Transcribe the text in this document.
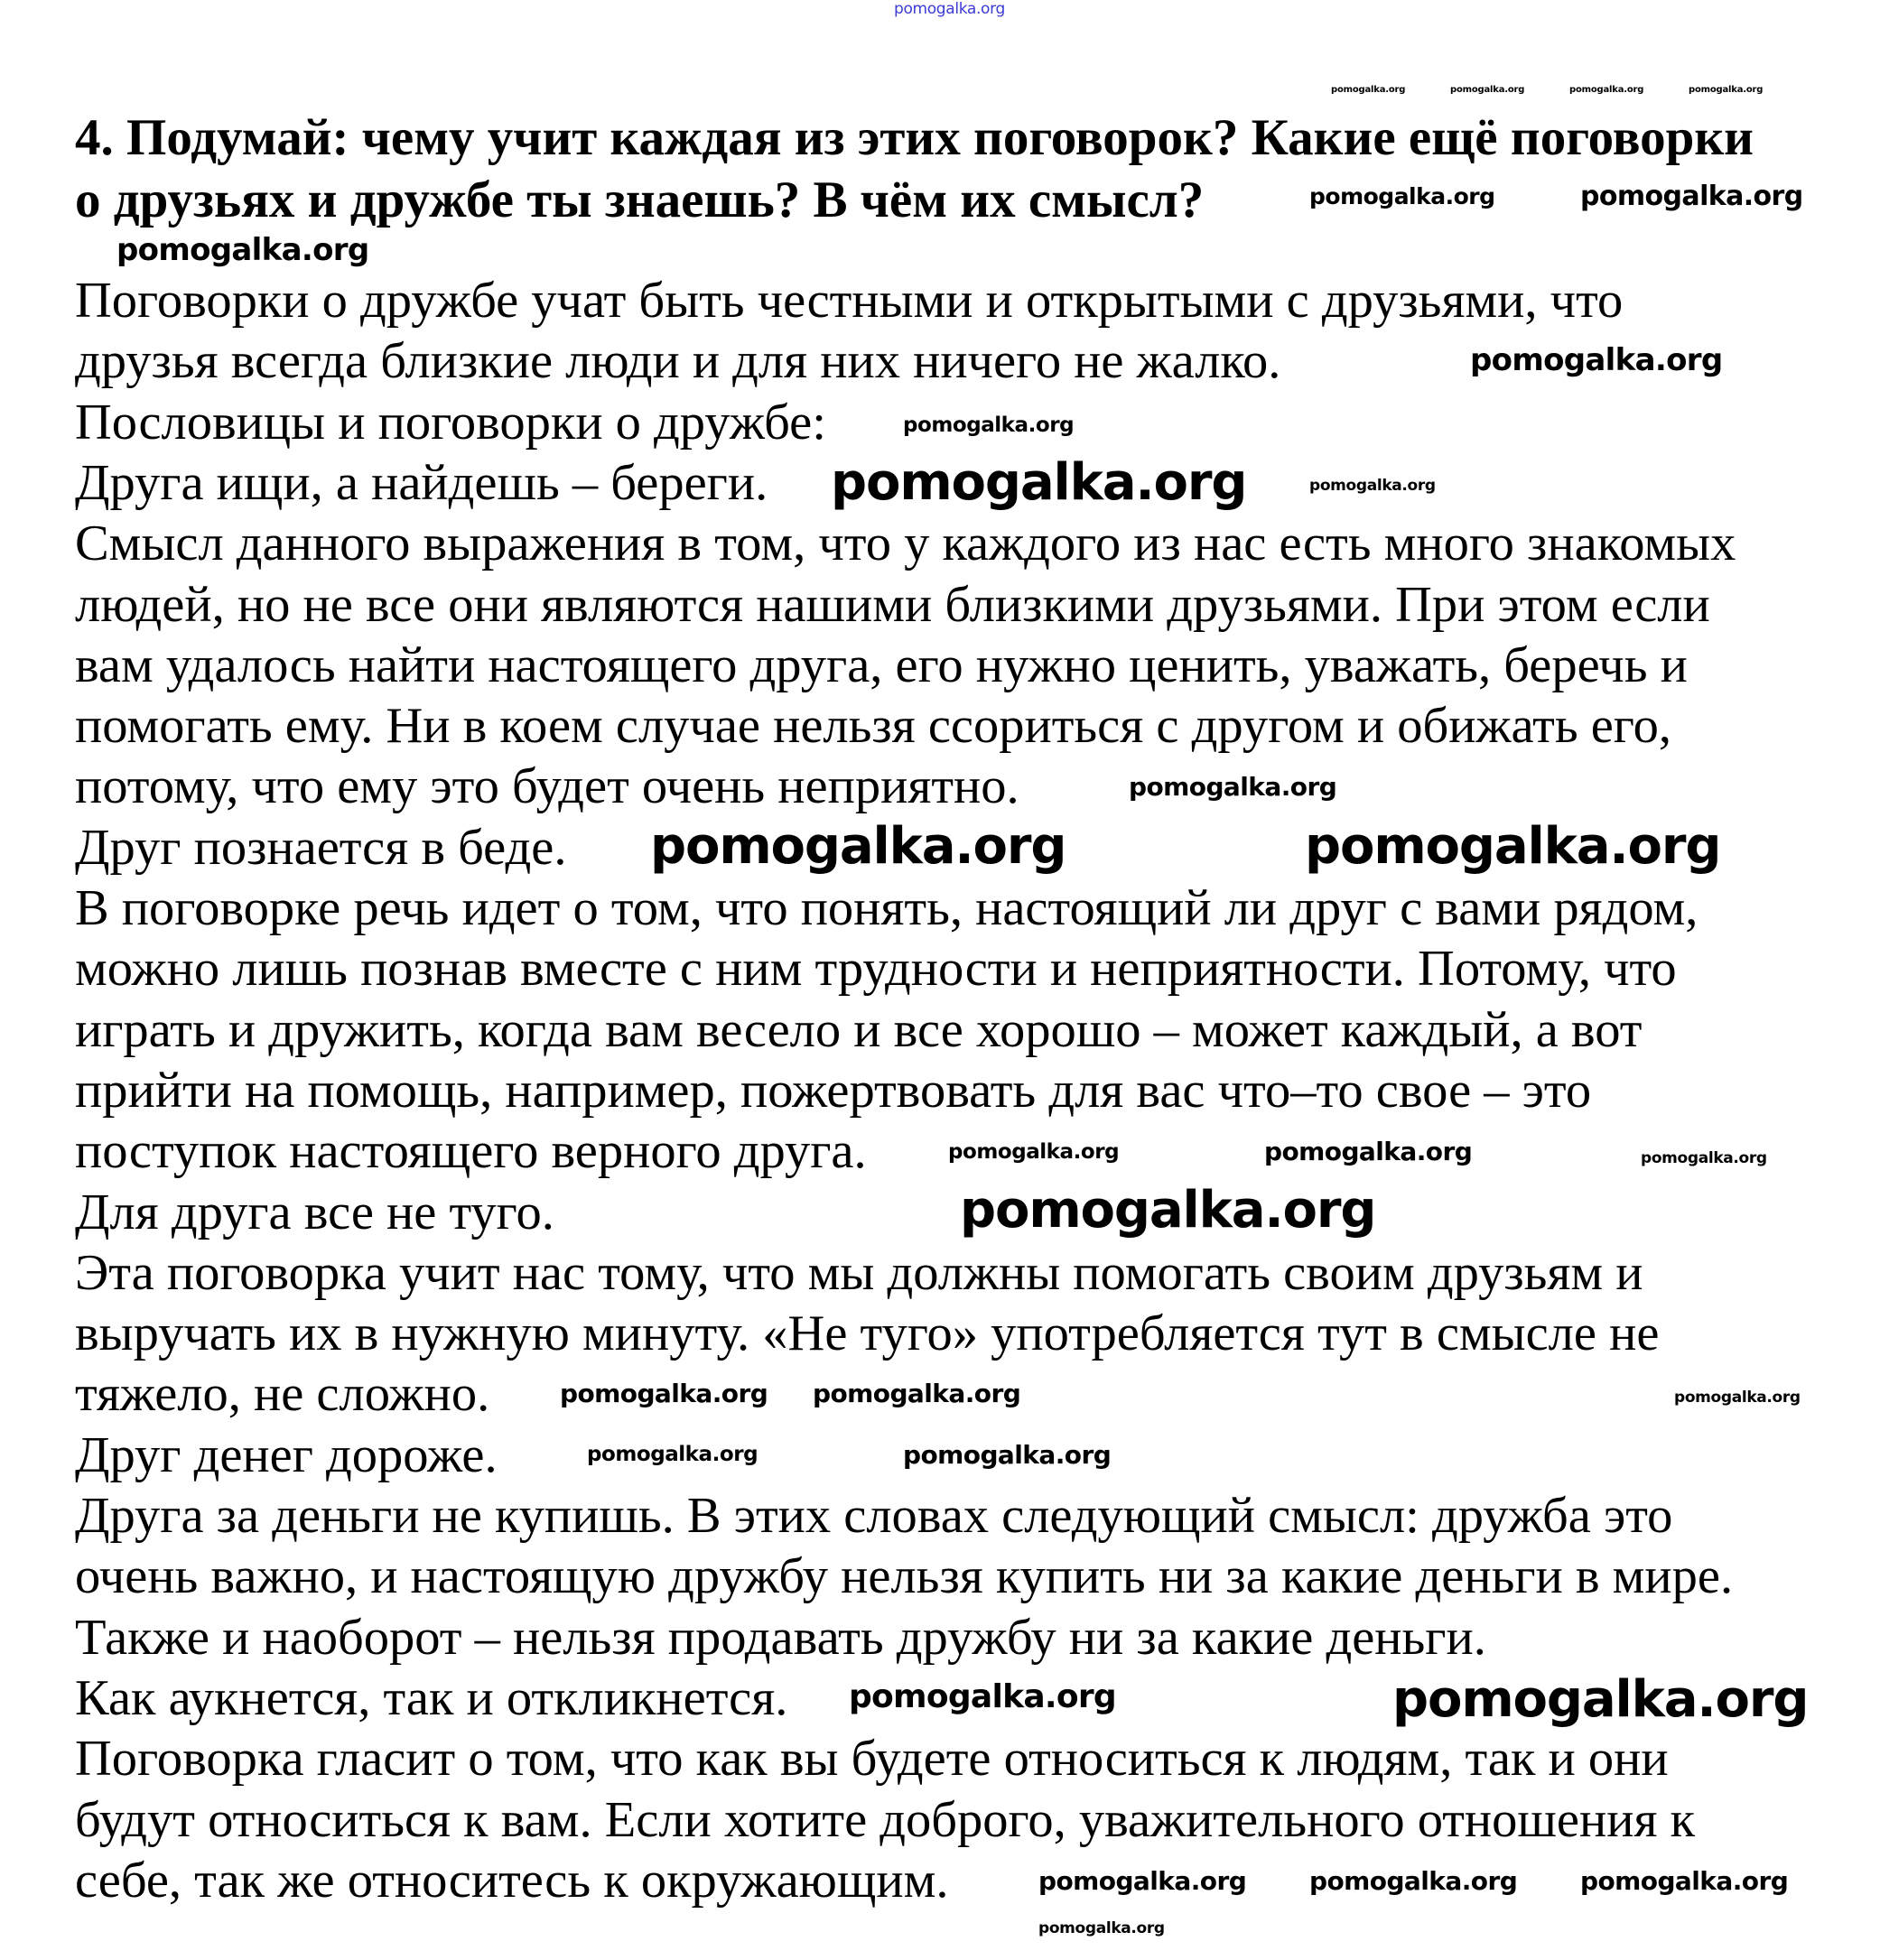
4. Подумай: чему учит каждая из этих поговорок? Какие ещё поговорки
о друзьях и дружбе ты знаешь? В чём их смысл?
Поговорки о дружбе учат быть честными и открытыми с друзьями, что
друзья всегда близкие люди и для них ничего не жалко.
Пословицы и поговорки о дружбе:
Друга ищи, а найдешь – береги.
Смысл данного выражения в том, что у каждого из нас есть много знакомых
людей, но не все они являются нашими близкими друзьями. При этом если
вам удалось найти настоящего друга, его нужно ценить, уважать, беречь и
помогать ему. Ни в коем случае нельзя ссориться с другом и обижать его,
потому, что ему это будет очень неприятно.
Друг познается в беде.
В поговорке речь идет о том, что понять, настоящий ли друг с вами рядом,
можно лишь познав вместе с ним трудности и неприятности. Потому, что
играть и дружить, когда вам весело и все хорошо – может каждый, а вот
прийти на помощь, например, пожертвовать для вас что–то свое – это
поступок настоящего верного друга.
Для друга все не туго.
Эта поговорка учит нас тому, что мы должны помогать своим друзьям и
выручать их в нужную минуту. «Не туго» употребляется тут в смысле не
тяжело, не сложно.
Друг денег дороже.
Друга за деньги не купишь. В этих словах следующий смысл: дружба это
очень важно, и настоящую дружбу нельзя купить ни за какие деньги в мире.
Также и наоборот – нельзя продавать дружбу ни за какие деньги.
Как аукнется, так и откликнется.
Поговорка гласит о том, что как вы будете относиться к людям, так и они
будут относиться к вам. Если хотите доброго, уважительного отношения к
себе, так же относитесь к окружающим.
pomogalka.org
pomogalka.org	pomogalka.org	pomogalka.org	pomogalka.org
pomogalka.org	pomogalka.org
pomogalka.org
pomogalka.org
pomogalka.org
pomogalka.org
pomogalka.org
pomogalka.org
pomogalka.org
pomogalka.org
pomogalka.org	pomogalka.org	pomogalka.org
pomogalka.org
pomogalka.org pomogalka.org	pomogalka.org
pomogalka.org	pomogalka.org
pomogalka.org pomogalka.org
pomogalka.org	pomogalka.org
pomogalka.org
pomogalka.org
